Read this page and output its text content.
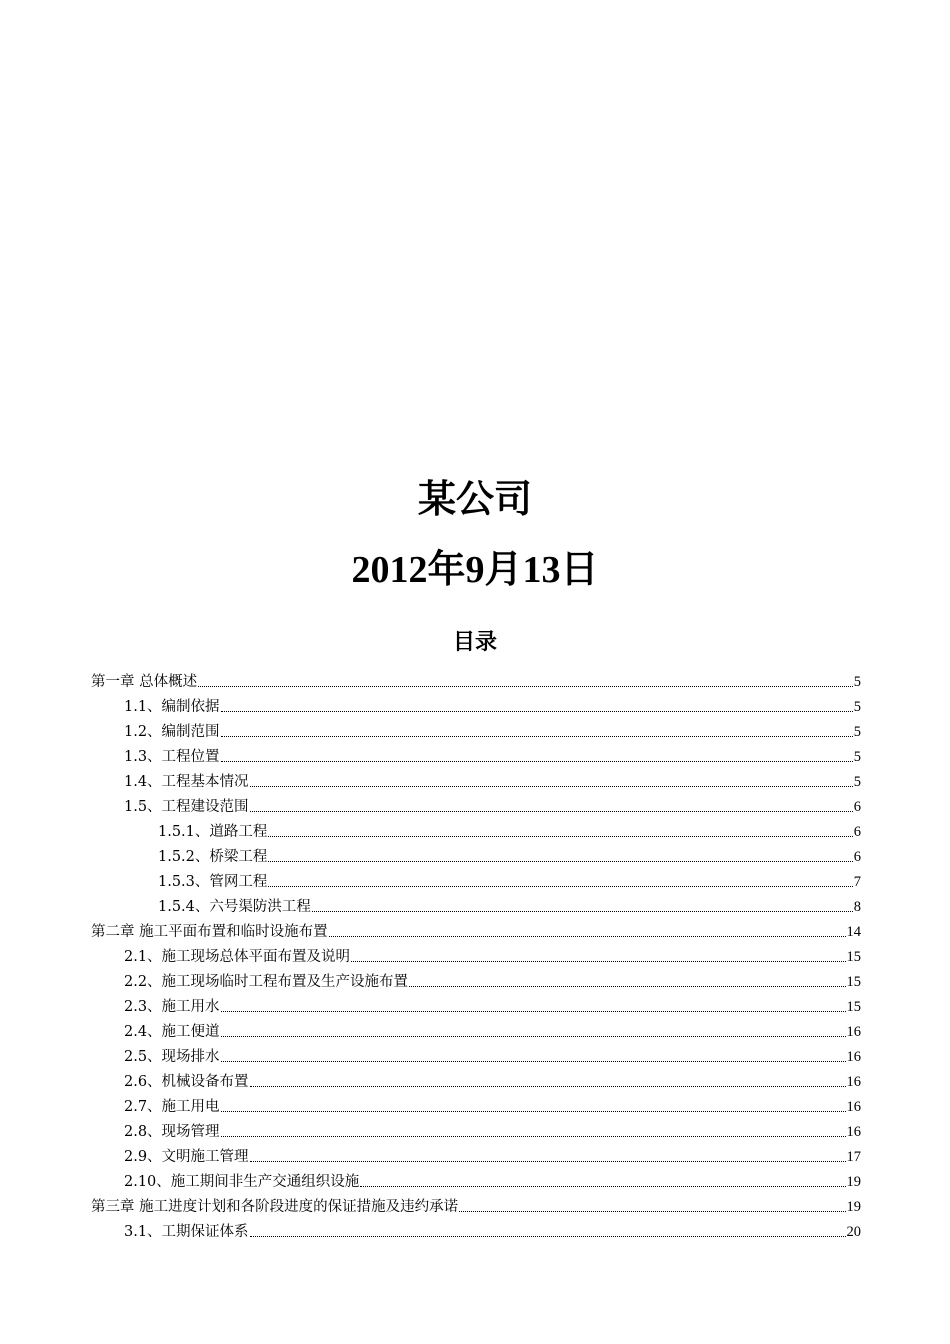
某公司
2012年9月13日
目录
第一章 总体概述	5
1.1、编制依据	5
1.2、编制范围	5
1.3、工程位置	5
1.4、工程基本情况	5
1.5、工程建设范围	6
1.5.1、道路工程	6
1.5.2、桥梁工程	6
1.5.3、管网工程	7
1.5.4、六号渠防洪工程	8
第二章 施工平面布置和临时设施布置	14
2.1、施工现场总体平面布置及说明	15
2.2、施工现场临时工程布置及生产设施布置	15
2.3、施工用水	15
2.4、施工便道	16
2.5、现场排水	16
2.6、机械设备布置	16
2.7、施工用电	16
2.8、现场管理	16
2.9、文明施工管理	17
2.10、施工期间非生产交通组织设施	19
第三章 施工进度计划和各阶段进度的保证措施及违约承诺	19
3.1、工期保证体系	20
